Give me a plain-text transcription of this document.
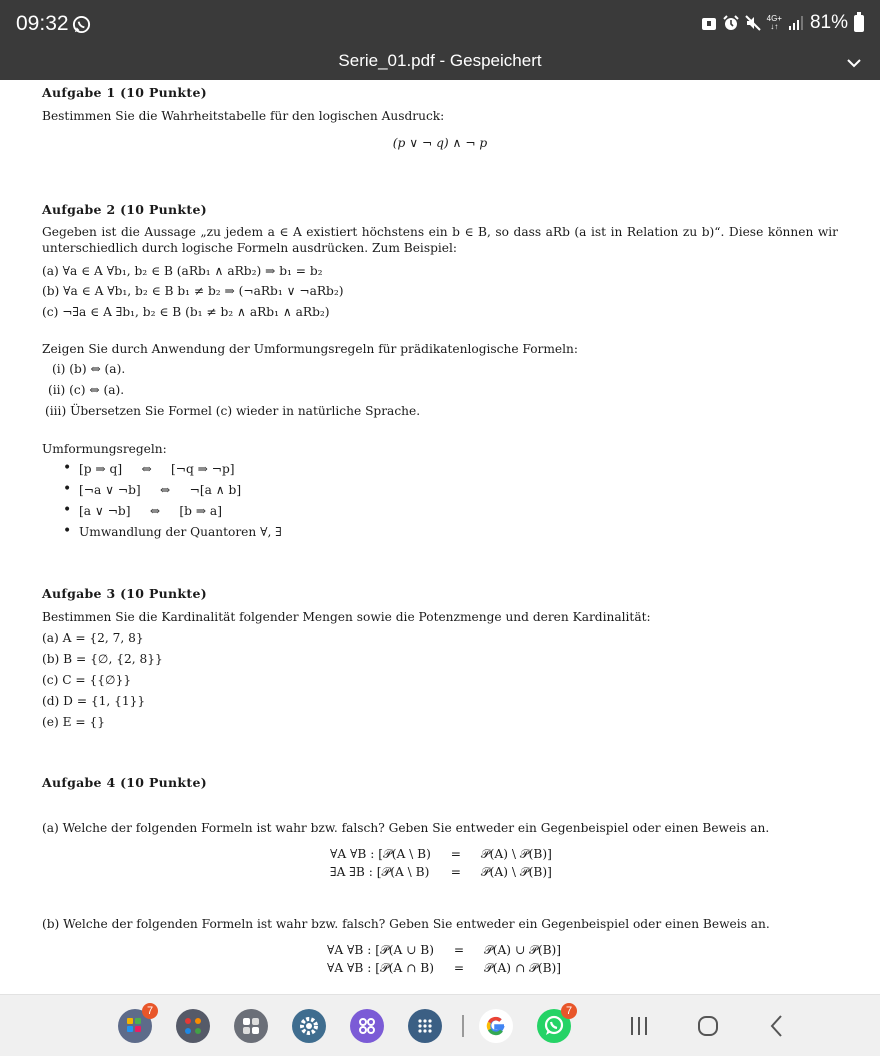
09:32	4G+
↓↑ 81%
Serie_01.pdf - Gespeichert
Aufgabe 1 (10 Punkte)
Bestimmen Sie die Wahrheitstabelle für den logischen Ausdruck:
(p ∨ ¬ q) ∧ ¬ p
Aufgabe 2 (10 Punkte)
Gegeben ist die Aussage „zu jedem a ∈ A existiert höchstens ein b ∈ B, so dass aRb (a ist in Relation zu b)“. Diese können wir unterschiedlich durch logische Formeln ausdrücken. Zum Beispiel:
(a) ∀a ∈ A ∀b₁, b₂ ∈ B (aRb₁ ∧ aRb₂) ⇒ b₁ = b₂
(b) ∀a ∈ A ∀b₁, b₂ ∈ B b₁ ≠ b₂ ⇒ (¬aRb₁ ∨ ¬aRb₂)
(c) ¬∃a ∈ A ∃b₁, b₂ ∈ B (b₁ ≠ b₂ ∧ aRb₁ ∧ aRb₂)
Zeigen Sie durch Anwendung der Umformungsregeln für prädikatenlogische Formeln:
(i) (b) ⇔ (a).
(ii) (c) ⇔ (a).
(iii) Übersetzen Sie Formel (c) wieder in natürliche Sprache.
Umformungsregeln:
• [p ⇒ q]     ⇔     [¬q ⇒ ¬p]
• [¬a ∨ ¬b]     ⇔     ¬[a ∧ b]
• [a ∨ ¬b]     ⇔     [b ⇒ a]
• Umwandlung der Quantoren ∀, ∃
Aufgabe 3 (10 Punkte)
Bestimmen Sie die Kardinalität folgender Mengen sowie die Potenzmenge und deren Kardinalität:
(a) A = {2, 7, 8}
(b) B = {∅, {2, 8}}
(c) C = {{∅}}
(d) D = {1, {1}}
(e) E = {}
Aufgabe 4 (10 Punkte)
(a) Welche der folgenden Formeln ist wahr bzw. falsch? Geben Sie entweder ein Gegenbeispiel oder einen Beweis an.
∀A ∀B : [𝒫(A \ B)	=	𝒫(A) \ 𝒫(B)]
∃A ∃B : [𝒫(A \ B)	=	𝒫(A) \ 𝒫(B)]
(b) Welche der folgenden Formeln ist wahr bzw. falsch? Geben Sie entweder ein Gegenbeispiel oder einen Beweis an.
∀A ∀B : [𝒫(A ∪ B)	=	𝒫(A) ∪ 𝒫(B)]
∀A ∀B : [𝒫(A ∩ B)	=	𝒫(A) ∩ 𝒫(B)]
7	7
